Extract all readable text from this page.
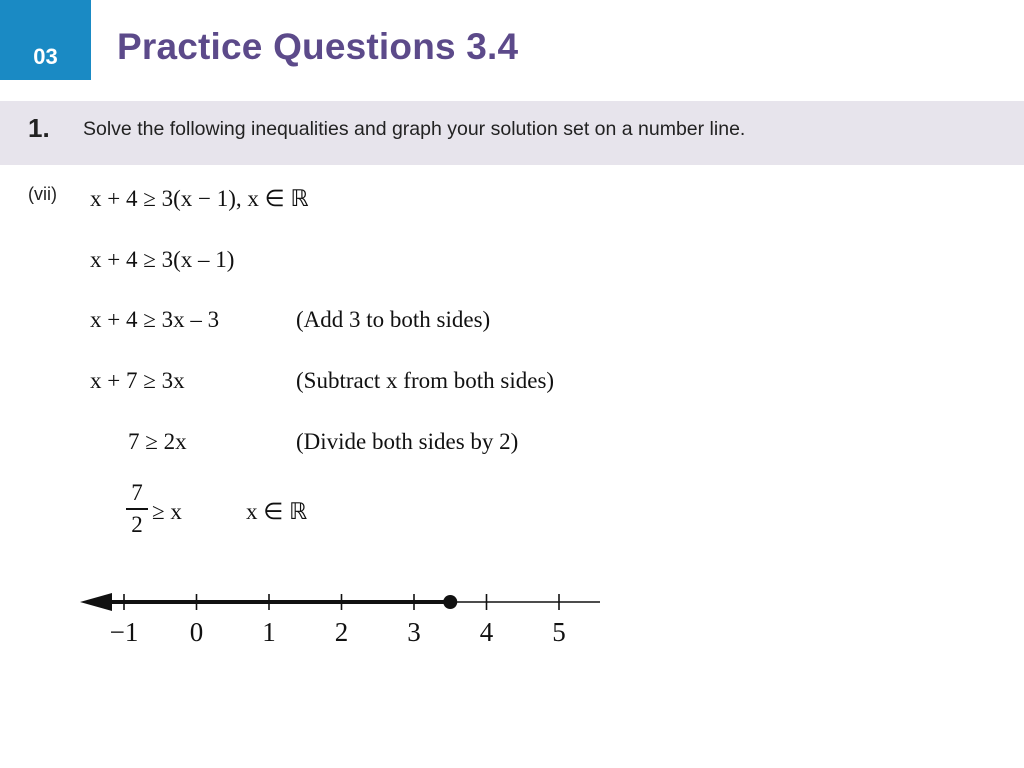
03	Practice Questions 3.4
1. Solve the following inequalities and graph your solution set on a number line.
(vii) x + 4 ≥ 3(x − 1), x ∈ ℝ
x + 4 ≥ 3(x – 1)
x + 4 ≥ 3x – 3	(Add 3 to both sides)
x + 7 ≥ 3x	(Subtract x from both sides)
7 ≥ 2x	(Divide both sides by 2)
7
2 ≥ x	x ∈ ℝ
−1 0 1 2 3 4 5
